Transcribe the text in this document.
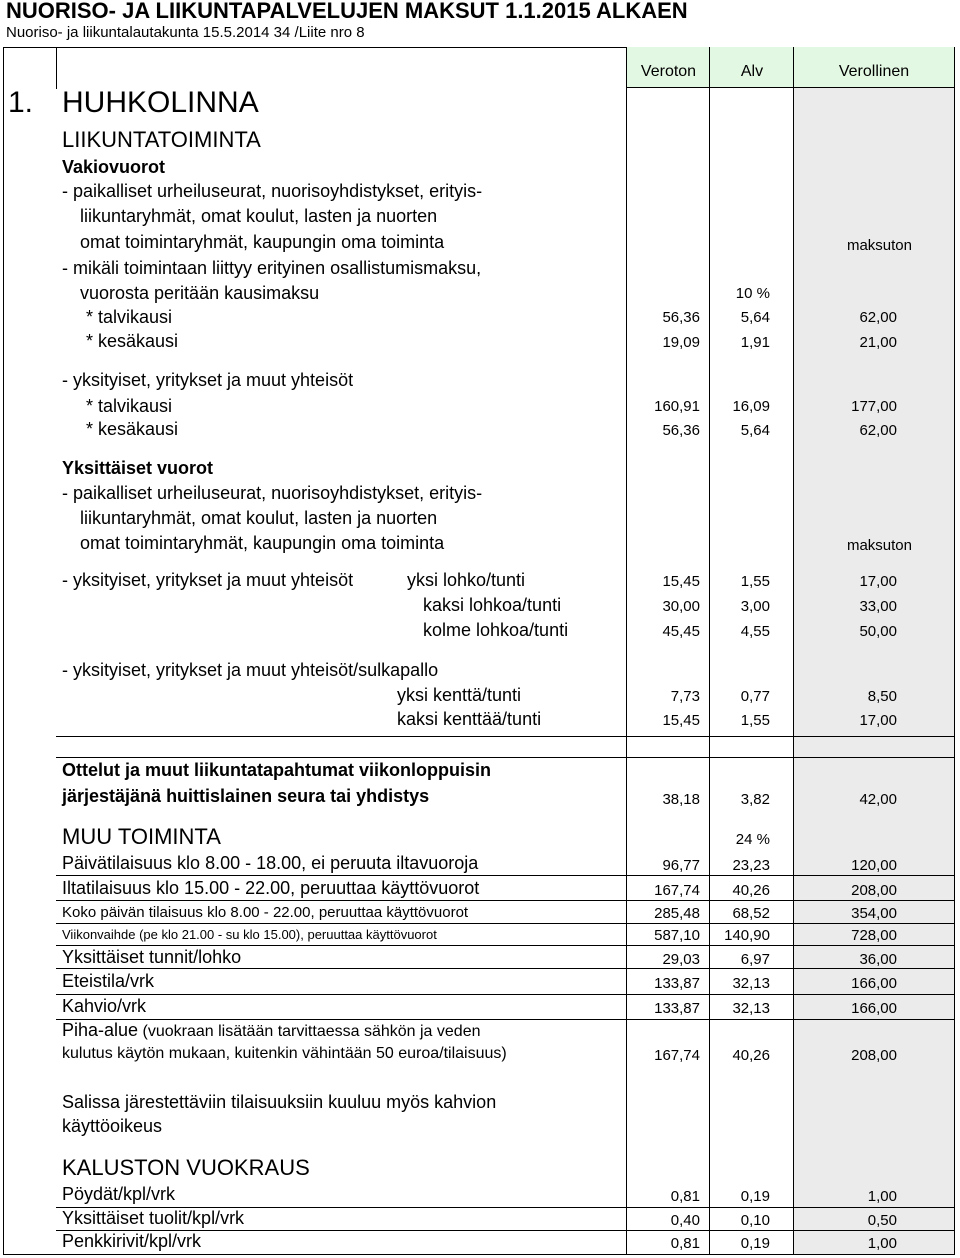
NUORISO- JA LIIKUNTAPALVELUJEN MAKSUT 1.1.2015 ALKAEN
Nuoriso- ja liikuntalautakunta 15.5.2014 34 /Liite nro 8
Veroton	Alv	Verollinen
1. HUHKOLINNA
LIIKUNTATOIMINTA
Vakiovuorot
- paikalliset urheiluseurat, nuorisoyhdistykset, erityis-
liikuntaryhmät, omat koulut, lasten ja nuorten
omat toimintaryhmät, kaupungin oma toiminta	maksuton
- mikäli toimintaan liittyy erityinen osallistumismaksu,
vuorosta peritään kausimaksu	10 %
* talvikausi	56,36	5,64	62,00
* kesäkausi	19,09	1,91	21,00
- yksityiset, yritykset ja muut yhteisöt
* talvikausi	160,91 16,09	177,00
* kesäkausi	56,36	5,64	62,00
Yksittäiset vuorot
- paikalliset urheiluseurat, nuorisoyhdistykset, erityis-
liikuntaryhmät, omat koulut, lasten ja nuorten
omat toimintaryhmät, kaupungin oma toiminta	maksuton
- yksityiset, yritykset ja muut yhteisöt	yksi lohko/tunti	15,45	1,55	17,00
kaksi lohkoa/tunti	30,00	3,00	33,00
kolme lohkoa/tunti	45,45	4,55	50,00
- yksityiset, yritykset ja muut yhteisöt/sulkapallo
yksi kenttä/tunti	7,73	0,77	8,50
kaksi kenttää/tunti	15,45	1,55	17,00
Ottelut ja muut liikuntatapahtumat viikonloppuisin
järjestäjänä huittislainen seura tai yhdistys	38,18	3,82	42,00
MUU TOIMINTA	24 %
Päivätilaisuus klo 8.00 - 18.00, ei peruuta iltavuoroja	96,77 23,23	120,00
Iltatilaisuus klo 15.00 - 22.00, peruuttaa käyttövuorot	167,74 40,26	208,00
Koko päivän tilaisuus klo 8.00 - 22.00, peruuttaa käyttövuorot	285,48 68,52	354,00
Viikonvaihde (pe klo 21.00 - su klo 15.00), peruuttaa käyttövuorot	587,10 140,90	728,00
Yksittäiset tunnit/lohko	29,03	6,97	36,00
Eteistila/vrk	133,87 32,13	166,00
Kahvio/vrk	133,87 32,13	166,00
Piha-alue (vuokraan lisätään tarvittaessa sähkön ja veden
kulutus käytön mukaan, kuitenkin vähintään 50 euroa/tilaisuus)	167,74 40,26	208,00
Salissa järestettäviin tilaisuuksiin kuuluu myös kahvion
käyttöoikeus
KALUSTON VUOKRAUS
Pöydät/kpl/vrk	0,81	0,19	1,00
Yksittäiset tuolit/kpl/vrk	0,40	0,10	0,50
Penkkirivit/kpl/vrk	0,81	0,19	1,00
